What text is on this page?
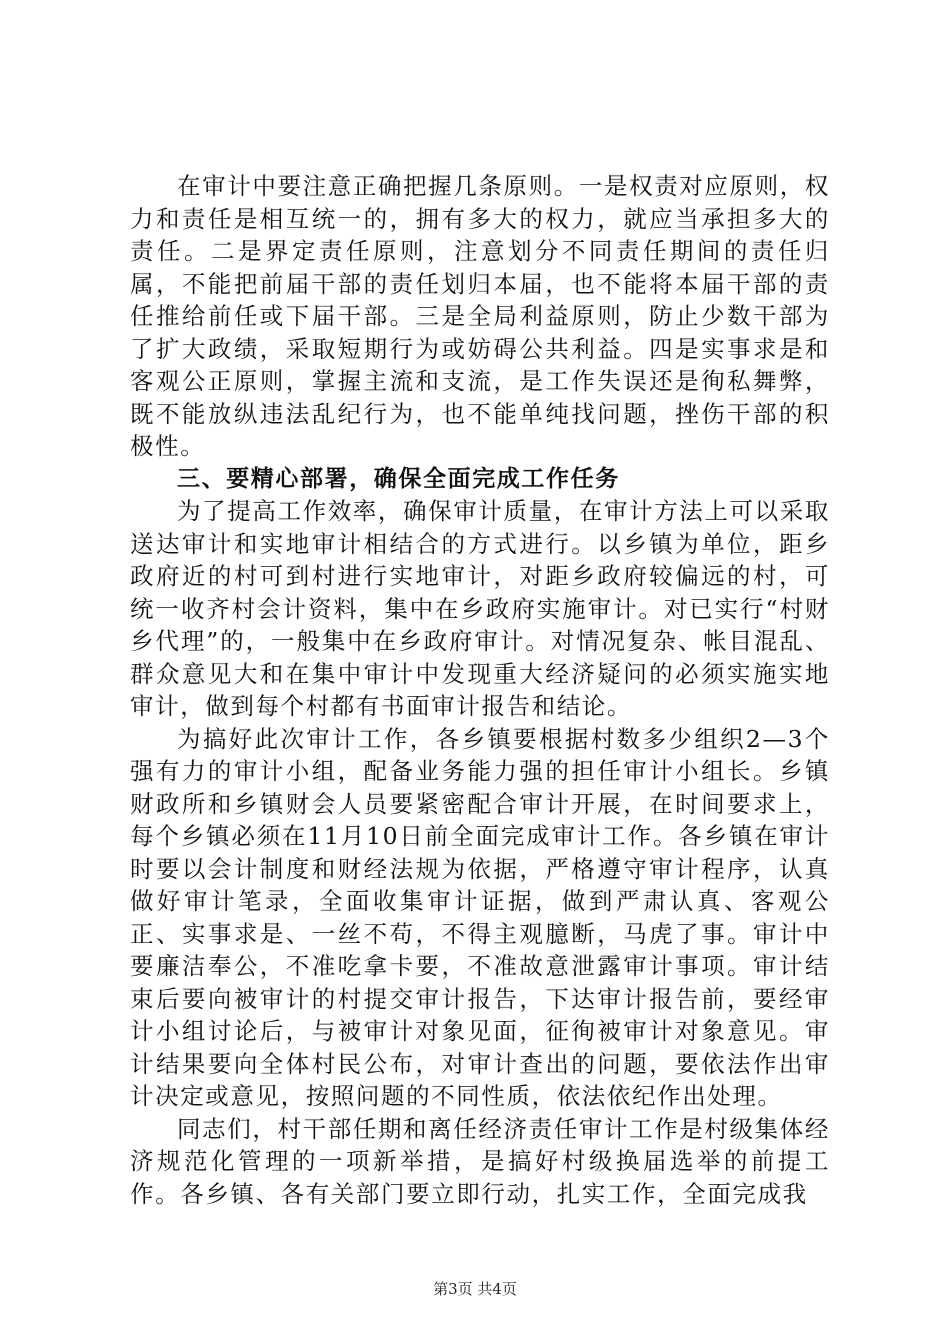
在审计中要注意正确把握几条原则。一是权责对应原则，权力和责任是相互统一的，拥有多大的权力，就应当承担多大的责任。二是界定责任原则，注意划分不同责任期间的责任归属，不能把前届干部的责任划归本届，也不能将本届干部的责任推给前任或下届干部。三是全局利益原则，防止少数干部为了扩大政绩，采取短期行为或妨碍公共利益。四是实事求是和客观公正原则，掌握主流和支流，是工作失误还是徇私舞弊，既不能放纵违法乱纪行为，也不能单纯找问题，挫伤干部的积极性。

三、要精心部署，确保全面完成工作任务

为了提高工作效率，确保审计质量，在审计方法上可以采取送达审计和实地审计相结合的方式进行。以乡镇为单位，距乡政府近的村可到村进行实地审计，对距乡政府较偏远的村，可统一收齐村会计资料，集中在乡政府实施审计。对已实行“村财乡代理”的，一般集中在乡政府审计。对情况复杂、帐目混乱、群众意见大和在集中审计中发现重大经济疑问的必须实施实地审计，做到每个村都有书面审计报告和结论。

为搞好此次审计工作，各乡镇要根据村数多少组织2—3个强有力的审计小组，配备业务能力强的担任审计小组长。乡镇财政所和乡镇财会人员要紧密配合审计开展，在时间要求上，每个乡镇必须在11月10日前全面完成审计工作。各乡镇在审计时要以会计制度和财经法规为依据，严格遵守审计程序，认真做好审计笔录，全面收集审计证据，做到严肃认真、客观公正、实事求是、一丝不苟，不得主观臆断，马虎了事。审计中要廉洁奉公，不准吃拿卡要，不准故意泄露审计事项。审计结束后要向被审计的村提交审计报告，下达审计报告前，要经审计小组讨论后，与被审计对象见面，征徇被审计对象意见。审计结果要向全体村民公布，对审计查出的问题，要依法作出审计决定或意见，按照问题的不同性质，依法依纪作出处理。

同志们，村干部任期和离任经济责任审计工作是村级集体经济规范化管理的一项新举措，是搞好村级换届选举的前提工作。各乡镇、各有关部门要立即行动，扎实工作，全面完成我

第3页 共4页
